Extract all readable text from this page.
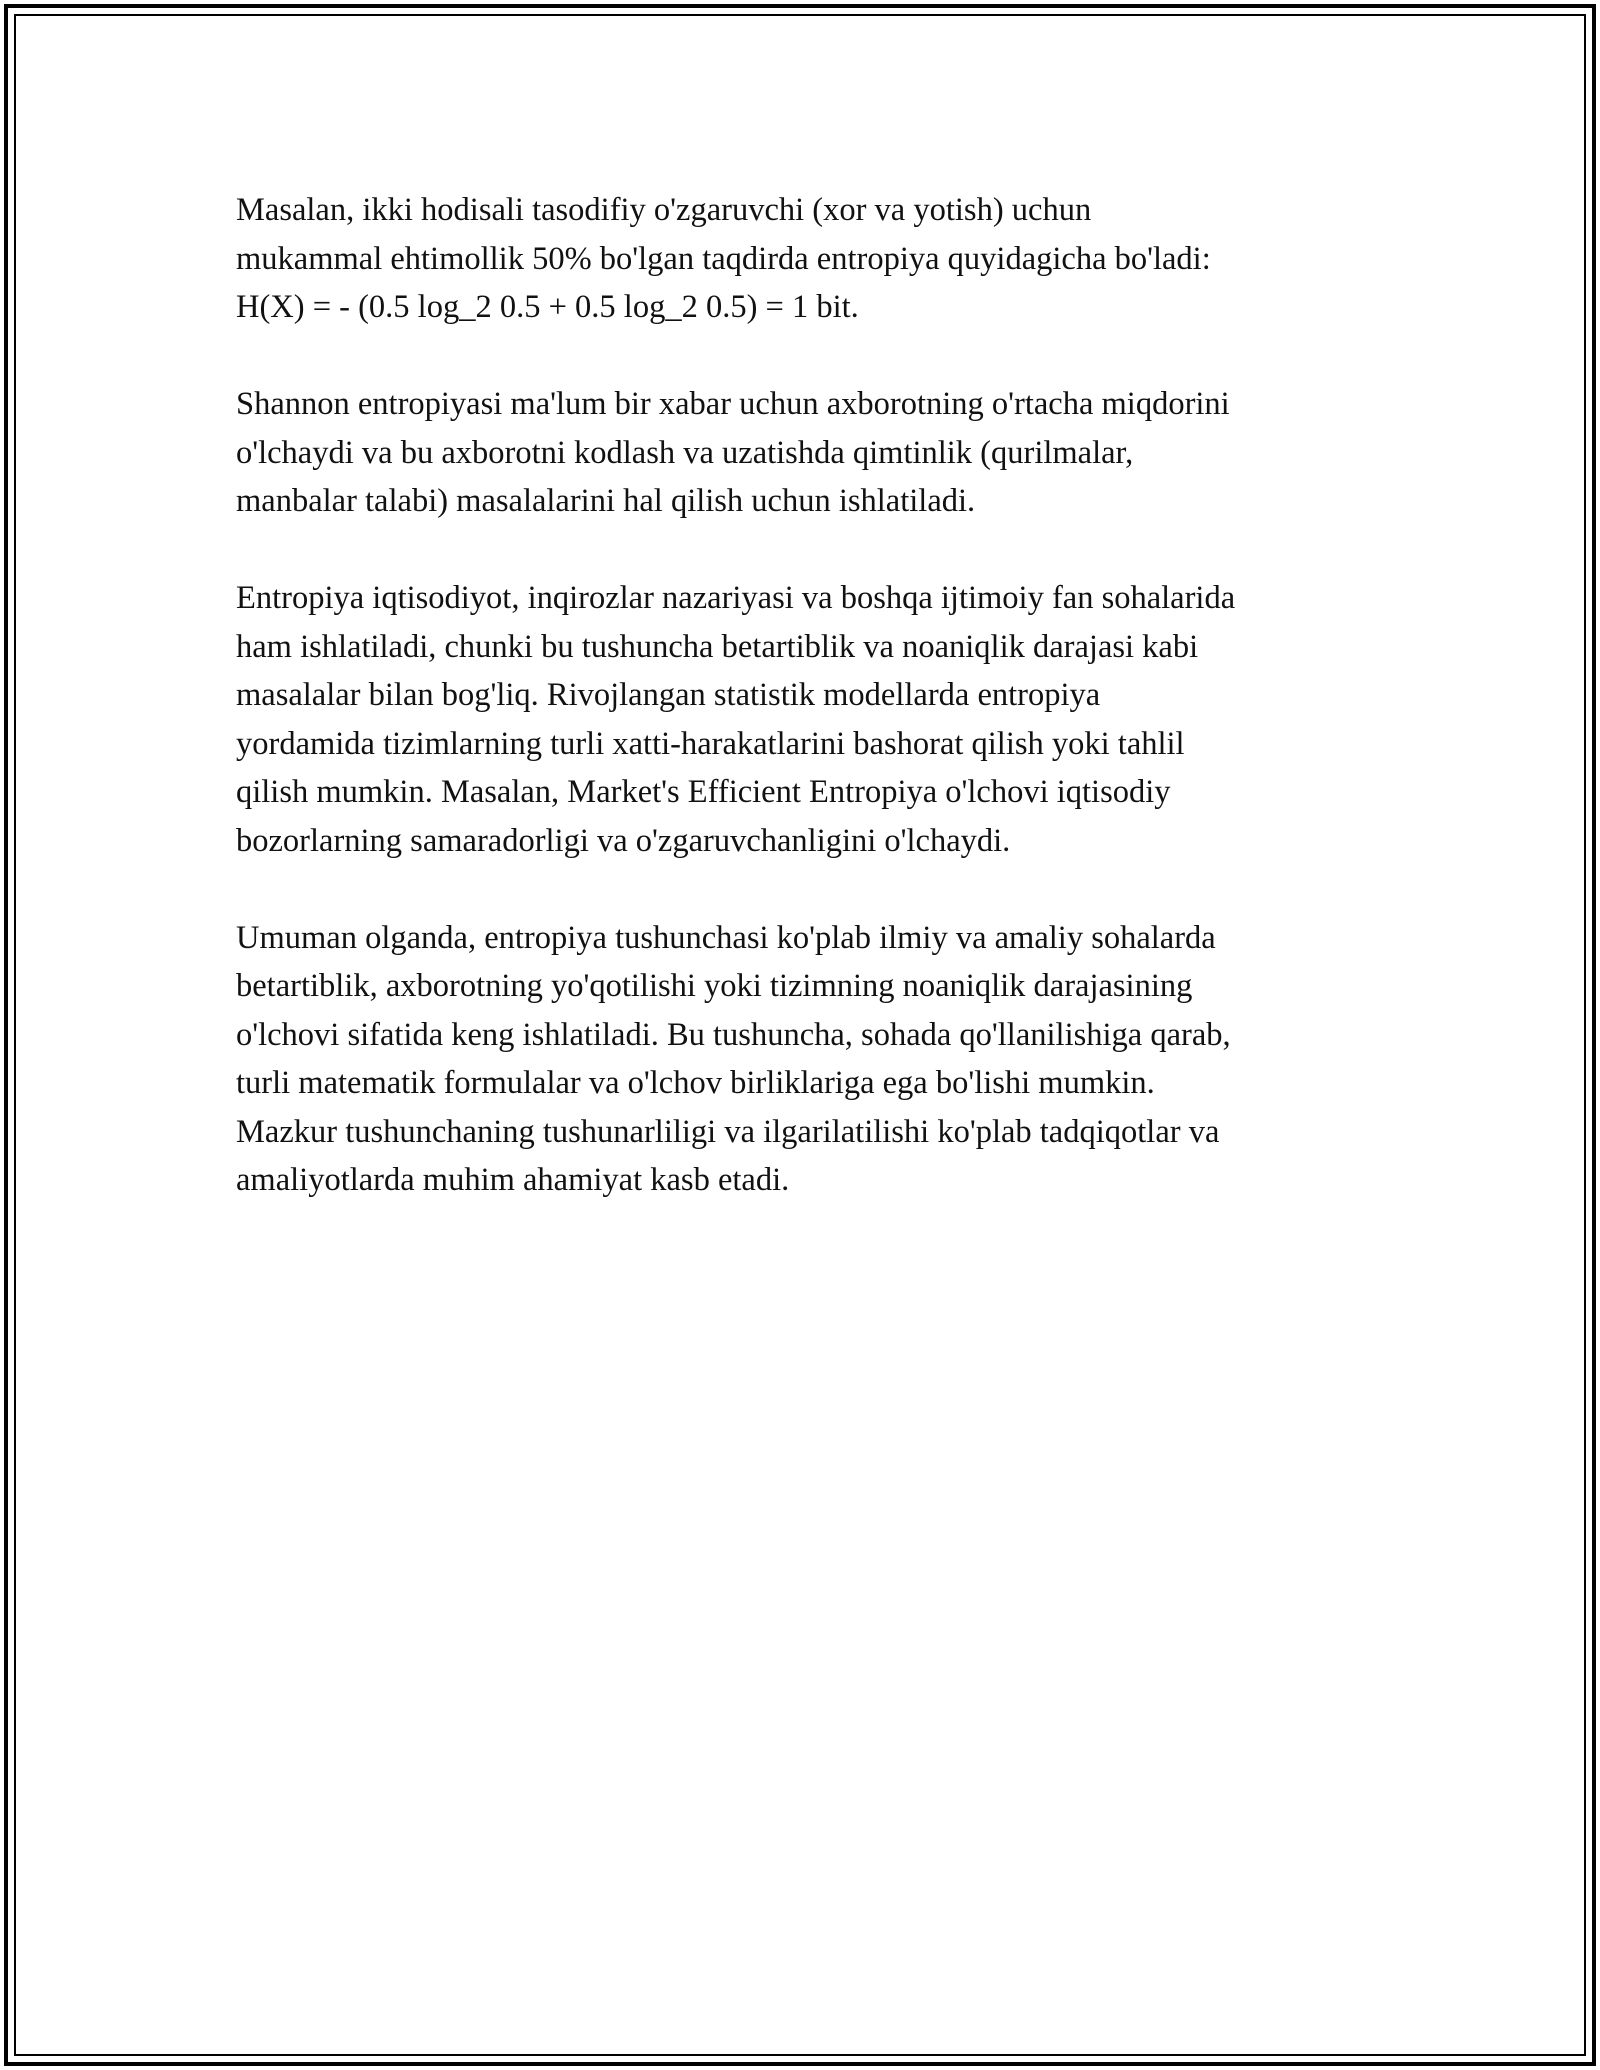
Masalan, ikki hodisali tasodifiy o'zgaruvchi (xor va yotish) uchun
mukammal ehtimollik 50% bo'lgan taqdirda entropiya quyidagicha bo'ladi:
H(X) = - (0.5 log_2 0.5 + 0.5 log_2 0.5) = 1 bit.

Shannon entropiyasi ma'lum bir xabar uchun axborotning o'rtacha miqdorini
o'lchaydi va bu axborotni kodlash va uzatishda qimtinlik (qurilmalar,
manbalar talabi) masalalarini hal qilish uchun ishlatiladi.

Entropiya iqtisodiyot, inqirozlar nazariyasi va boshqa ijtimoiy fan sohalarida
ham ishlatiladi, chunki bu tushuncha betartiblik va noaniqlik darajasi kabi
masalalar bilan bog'liq. Rivojlangan statistik modellarda entropiya
yordamida tizimlarning turli xatti-harakatlarini bashorat qilish yoki tahlil
qilish mumkin. Masalan, Market's Efficient Entropiya o'lchovi iqtisodiy
bozorlarning samaradorligi va o'zgaruvchanligini o'lchaydi.

Umuman olganda, entropiya tushunchasi ko'plab ilmiy va amaliy sohalarda
betartiblik, axborotning yo'qotilishi yoki tizimning noaniqlik darajasining
o'lchovi sifatida keng ishlatiladi. Bu tushuncha, sohada qo'llanilishiga qarab,
turli matematik formulalar va o'lchov birliklariga ega bo'lishi mumkin.
Mazkur tushunchaning tushunarliligi va ilgarilatilishi ko'plab tadqiqotlar va
amaliyotlarda muhim ahamiyat kasb etadi.
